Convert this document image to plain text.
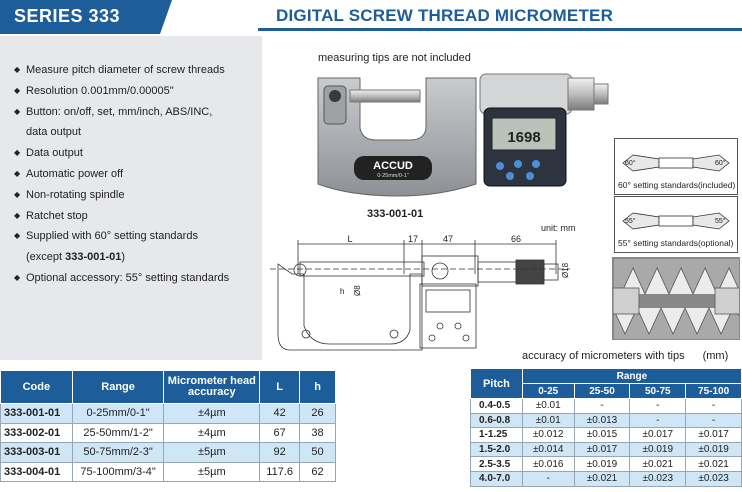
SERIES 333	DIGITAL SCREW THREAD MICROMETER
◆ Measure pitch diameter of screw threads
◆ Resolution 0.001mm/0.00005"
◆ Button: on/off, set, mm/inch, ABS/INC,
data output
◆ Data output
◆ Automatic power off
◆ Non-rotating spindle
◆ Ratchet stop
◆ Supplied with 60° setting standards
(except 333-001-01)
◆ Optional accessory: 55° setting standards
measuring tips are not included
ACCUD
0-25mm/0-1"
1698
333-001-01
unit: mm
L	17	47	66
h Ø8
Ø18
60°	60°
60° setting standards(included)
55°	55°
55° setting standards(optional)
accuracy of micrometers with tips (mm)
Code	Range	Micrometer head accuracy	L	h
333-001-01	0-25mm/0-1"	±4µm	42	26
333-002-01	25-50mm/1-2"	±4µm	67	38
333-003-01	50-75mm/2-3"	±5µm	92	50
333-004-01	75-100mm/3-4"	±5µm	117.6	62
Pitch	Range			
	0-25	25-50	50-75	75-100
0.4-0.5	±0.01	-	-	-
0.6-0.8	±0.01	±0.013	-	-
1-1.25	±0.012	±0.015	±0.017	±0.017
1.5-2.0	±0.014	±0.017	±0.019	±0.019
2.5-3.5	±0.016	±0.019	±0.021	±0.021
4.0-7.0	-	±0.021	±0.023	±0.023
